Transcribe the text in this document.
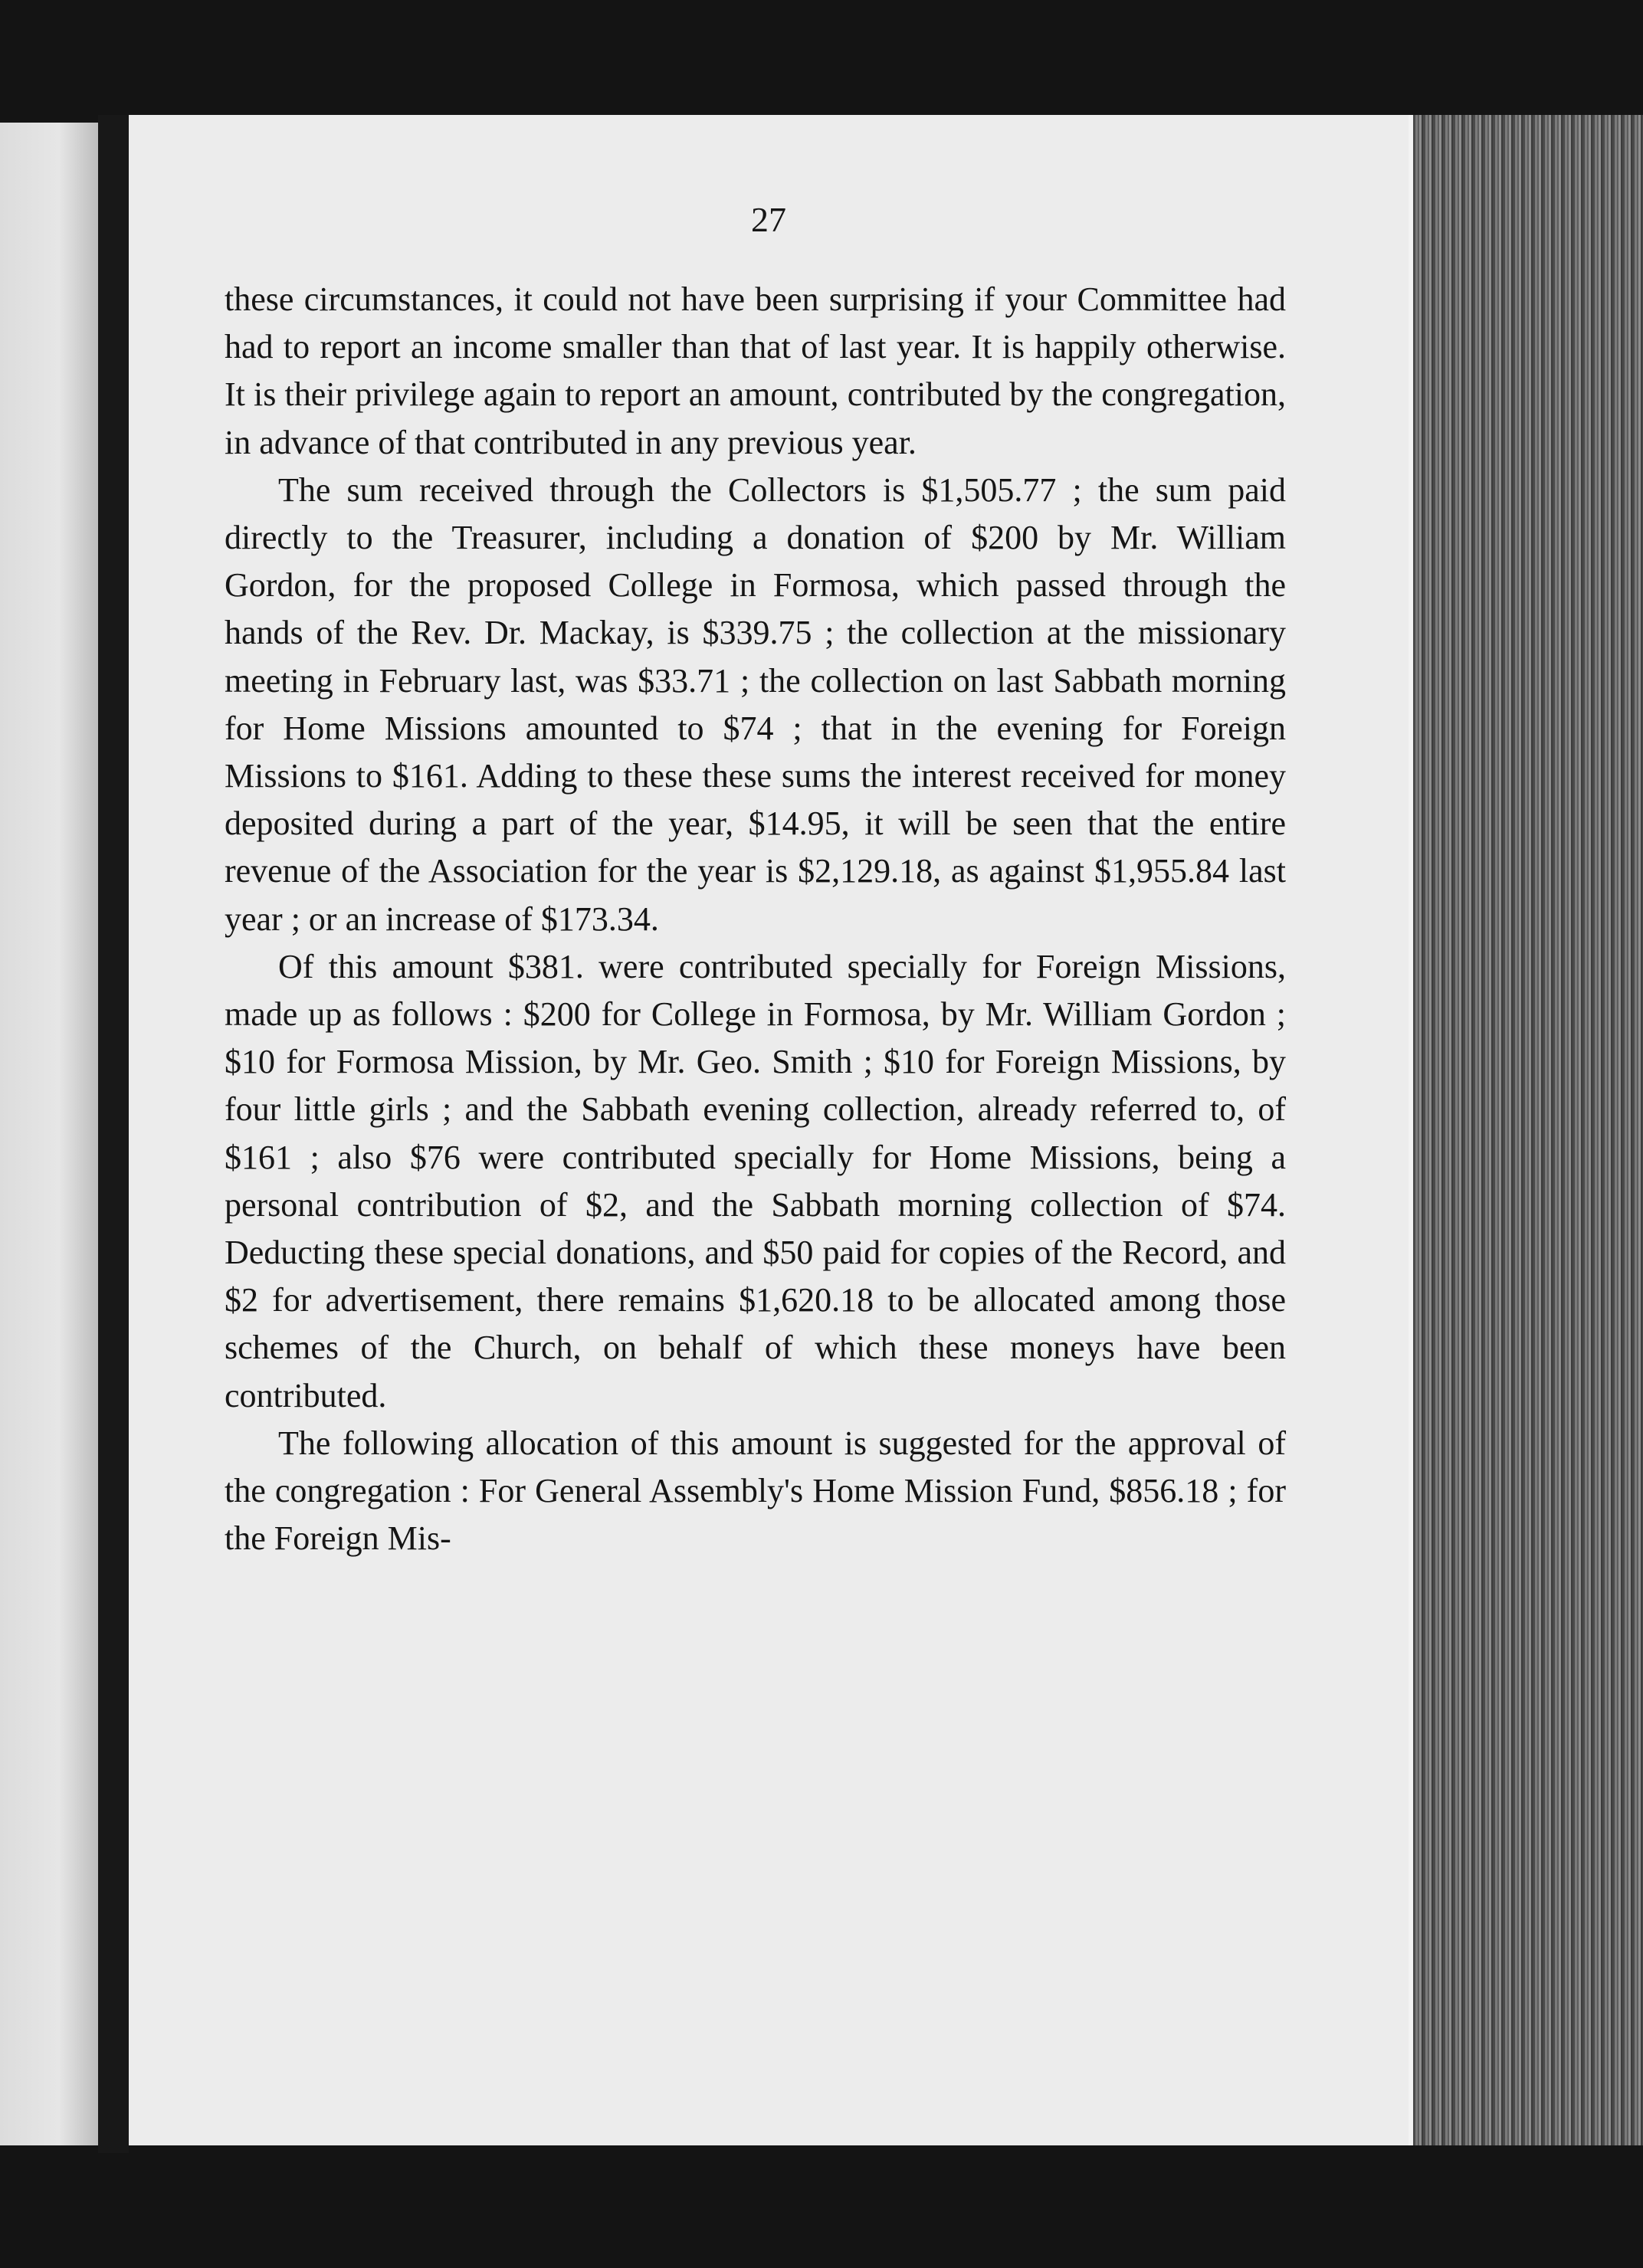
27

these circumstances, it could not have been surprising if your Committee had had to report an income smaller than that of last year. It is happily otherwise. It is their privilege again to report an amount, contributed by the congregation, in advance of that contributed in any previous year.

The sum received through the Collectors is $1,505.77 ; the sum paid directly to the Treasurer, including a donation of $200 by Mr. William Gordon, for the proposed College in Formosa, which passed through the hands of the Rev. Dr. Mackay, is $339.75 ; the collection at the missionary meeting in February last, was $33.71 ; the collection on last Sabbath morning for Home Missions amounted to $74 ; that in the evening for Foreign Missions to $161. Adding to these these sums the interest received for money deposited during a part of the year, $14.95, it will be seen that the entire revenue of the Association for the year is $2,129.18, as against $1,955.84 last year ; or an increase of $173.34.

Of this amount $381. were contributed specially for Foreign Missions, made up as follows : $200 for College in Formosa, by Mr. William Gordon ; $10 for Formosa Mission, by Mr. Geo. Smith ; $10 for Foreign Missions, by four little girls ; and the Sabbath evening collection, already referred to, of $161 ; also $76 were contributed specially for Home Missions, being a personal contribution of $2, and the Sabbath morning collection of $74. Deducting these special donations, and $50 paid for copies of the Record, and $2 for advertisement, there remains $1,620.18 to be allocated among those schemes of the Church, on behalf of which these moneys have been contributed.

The following allocation of this amount is suggested for the approval of the congregation : For General Assembly's Home Mission Fund, $856.18 ; for the Foreign Mis-
